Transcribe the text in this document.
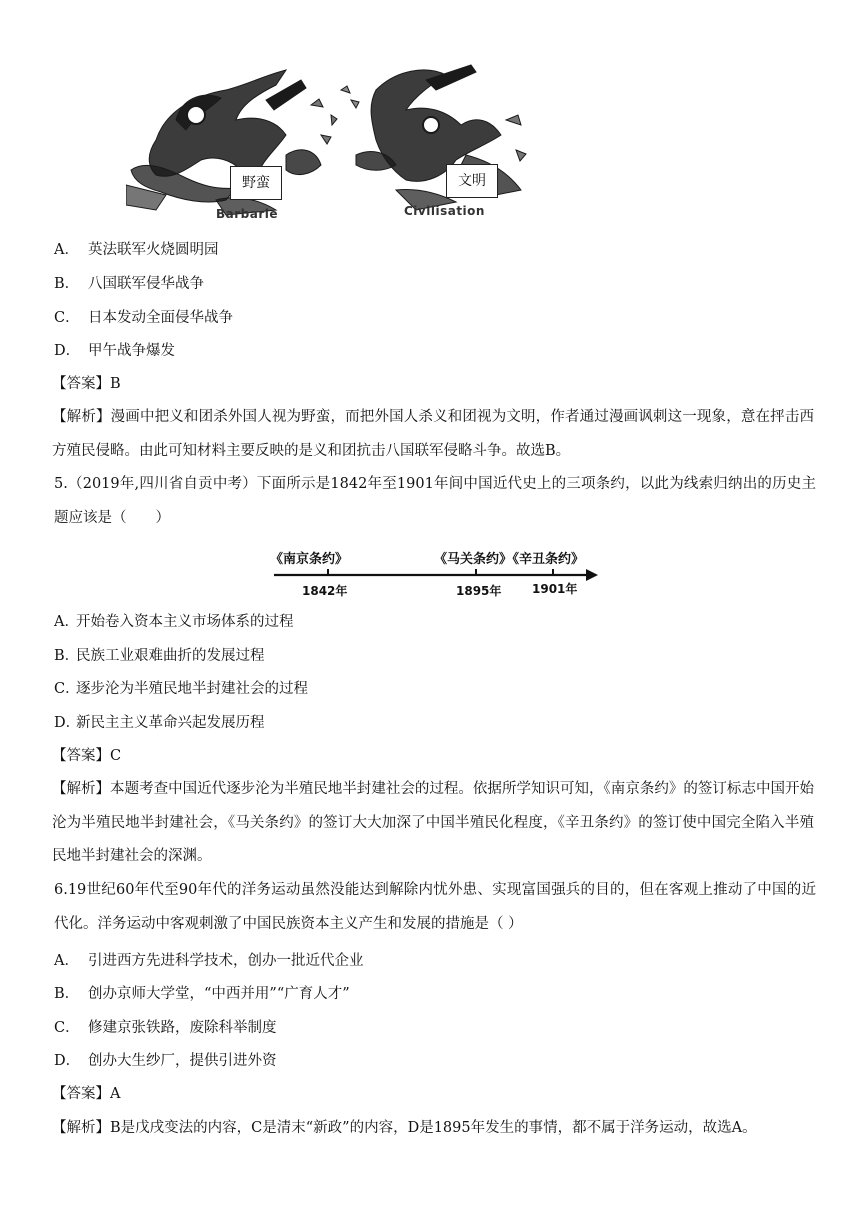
野蛮	文明
Barbarie	Civilisation
A． 英法联军火烧圆明园
B． 八国联军侵华战争
C． 日本发动全面侵华战争
D． 甲午战争爆发
【答案】B
【解析】漫画中把义和团杀外国人视为野蛮，而把外国人杀义和团视为文明，作者通过漫画讽刺这一现象，意在抨击西方殖民侵略。由此可知材料主要反映的是义和团抗击八国联军侵略斗争。故选B。
5.（2019年,四川省自贡中考）下面所示是1842年至1901年间中国近代史上的三项条约，以此为线索归纳出的历史主题应该是（　　）
《南京条约》	《马关条约》
《辛丑条约》
1842年	1895年	1901年
A．开始卷入资本主义市场体系的过程
B．民族工业艰难曲折的发展过程
C．逐步沦为半殖民地半封建社会的过程
D．新民主主义革命兴起发展历程
【答案】C
【解析】本题考查中国近代逐步沦为半殖民地半封建社会的过程。依据所学知识可知，《南京条约》的签订标志中国开始沦为半殖民地半封建社会，《马关条约》的签订大大加深了中国半殖民化程度，《辛丑条约》的签订使中国完全陷入半殖民地半封建社会的深渊。
6.19世纪60年代至90年代的洋务运动虽然没能达到解除内忧外患、实现富国强兵的目的，但在客观上推动了中国的近代化。洋务运动中客观刺激了中国民族资本主义产生和发展的措施是（ ）
A． 引进西方先进科学技术，创办一批近代企业
B． 创办京师大学堂，“中西并用”“广育人才”
C． 修建京张铁路，废除科举制度
D． 创办大生纱厂，提供引进外资
【答案】A
【解析】B是戊戌变法的内容，C是清末“新政”的内容，D是1895年发生的事情，都不属于洋务运动，故选A。
